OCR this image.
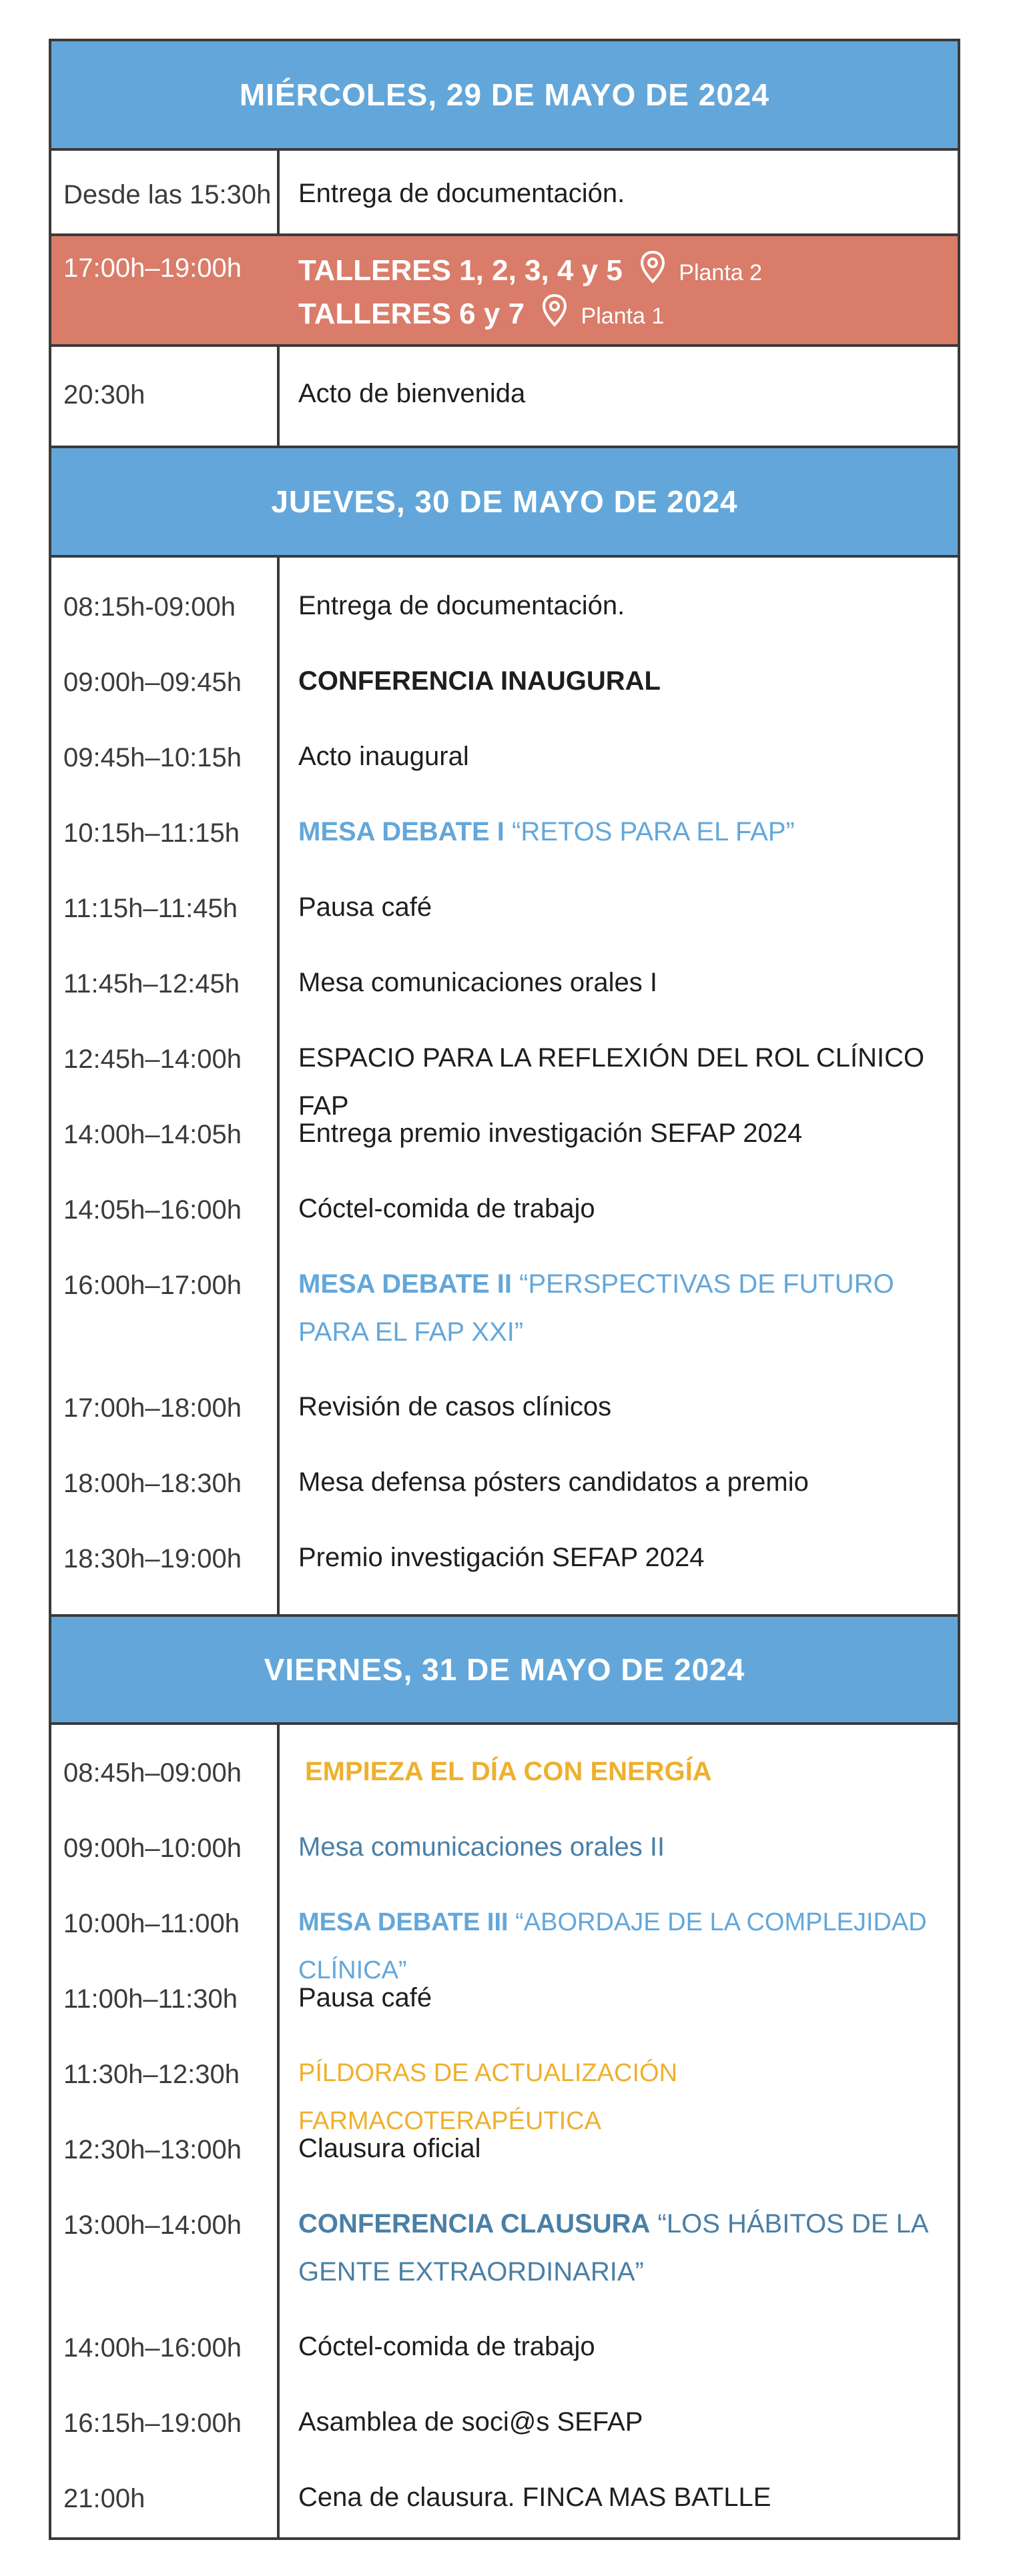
MIÉRCOLES, 29 DE MAYO DE 2024
Desde las 15:30h Entrega de documentación.
17:00h–19:00h TALLERES 1, 2, 3, 4 y 5 Planta 2
TALLERES 6 y 7 Planta 1
20:30h	Acto de bienvenida
JUEVES, 30 DE MAYO DE 2024
08:15h-09:00h Entrega de documentación.
09:00h–09:45h CONFERENCIA INAUGURAL
09:45h–10:15h Acto inaugural
10:15h–11:15h MESA DEBATE I “RETOS PARA EL FAP”
11:15h–11:45h Pausa café
11:45h–12:45h Mesa comunicaciones orales I
12:45h–14:00h ESPACIO PARA LA REFLEXIÓN DEL ROL CLÍNICO FAP
14:00h–14:05h Entrega premio investigación SEFAP 2024
14:05h–16:00h Cóctel-comida de trabajo
16:00h–17:00h MESA DEBATE II “PERSPECTIVAS DE FUTURO PARA EL FAP XXI”
17:00h–18:00h Revisión de casos clínicos
18:00h–18:30h Mesa defensa pósters candidatos a premio
18:30h–19:00h Premio investigación SEFAP 2024
VIERNES, 31 DE MAYO DE 2024
08:45h–09:00h EMPIEZA EL DÍA CON ENERGÍA
09:00h–10:00h Mesa comunicaciones orales II
10:00h–11:00h MESA DEBATE III “ABORDAJE DE LA COMPLEJIDAD CLÍNICA”
11:00h–11:30h Pausa café
11:30h–12:30h PÍLDORAS DE ACTUALIZACIÓN FARMACOTERAPÉUTICA
12:30h–13:00h Clausura oficial
13:00h–14:00h CONFERENCIA CLAUSURA “LOS HÁBITOS DE LA GENTE EXTRAORDINARIA”
14:00h–16:00h Cóctel-comida de trabajo
16:15h–19:00h Asamblea de soci@s SEFAP
21:00h	Cena de clausura. FINCA MAS BATLLE
